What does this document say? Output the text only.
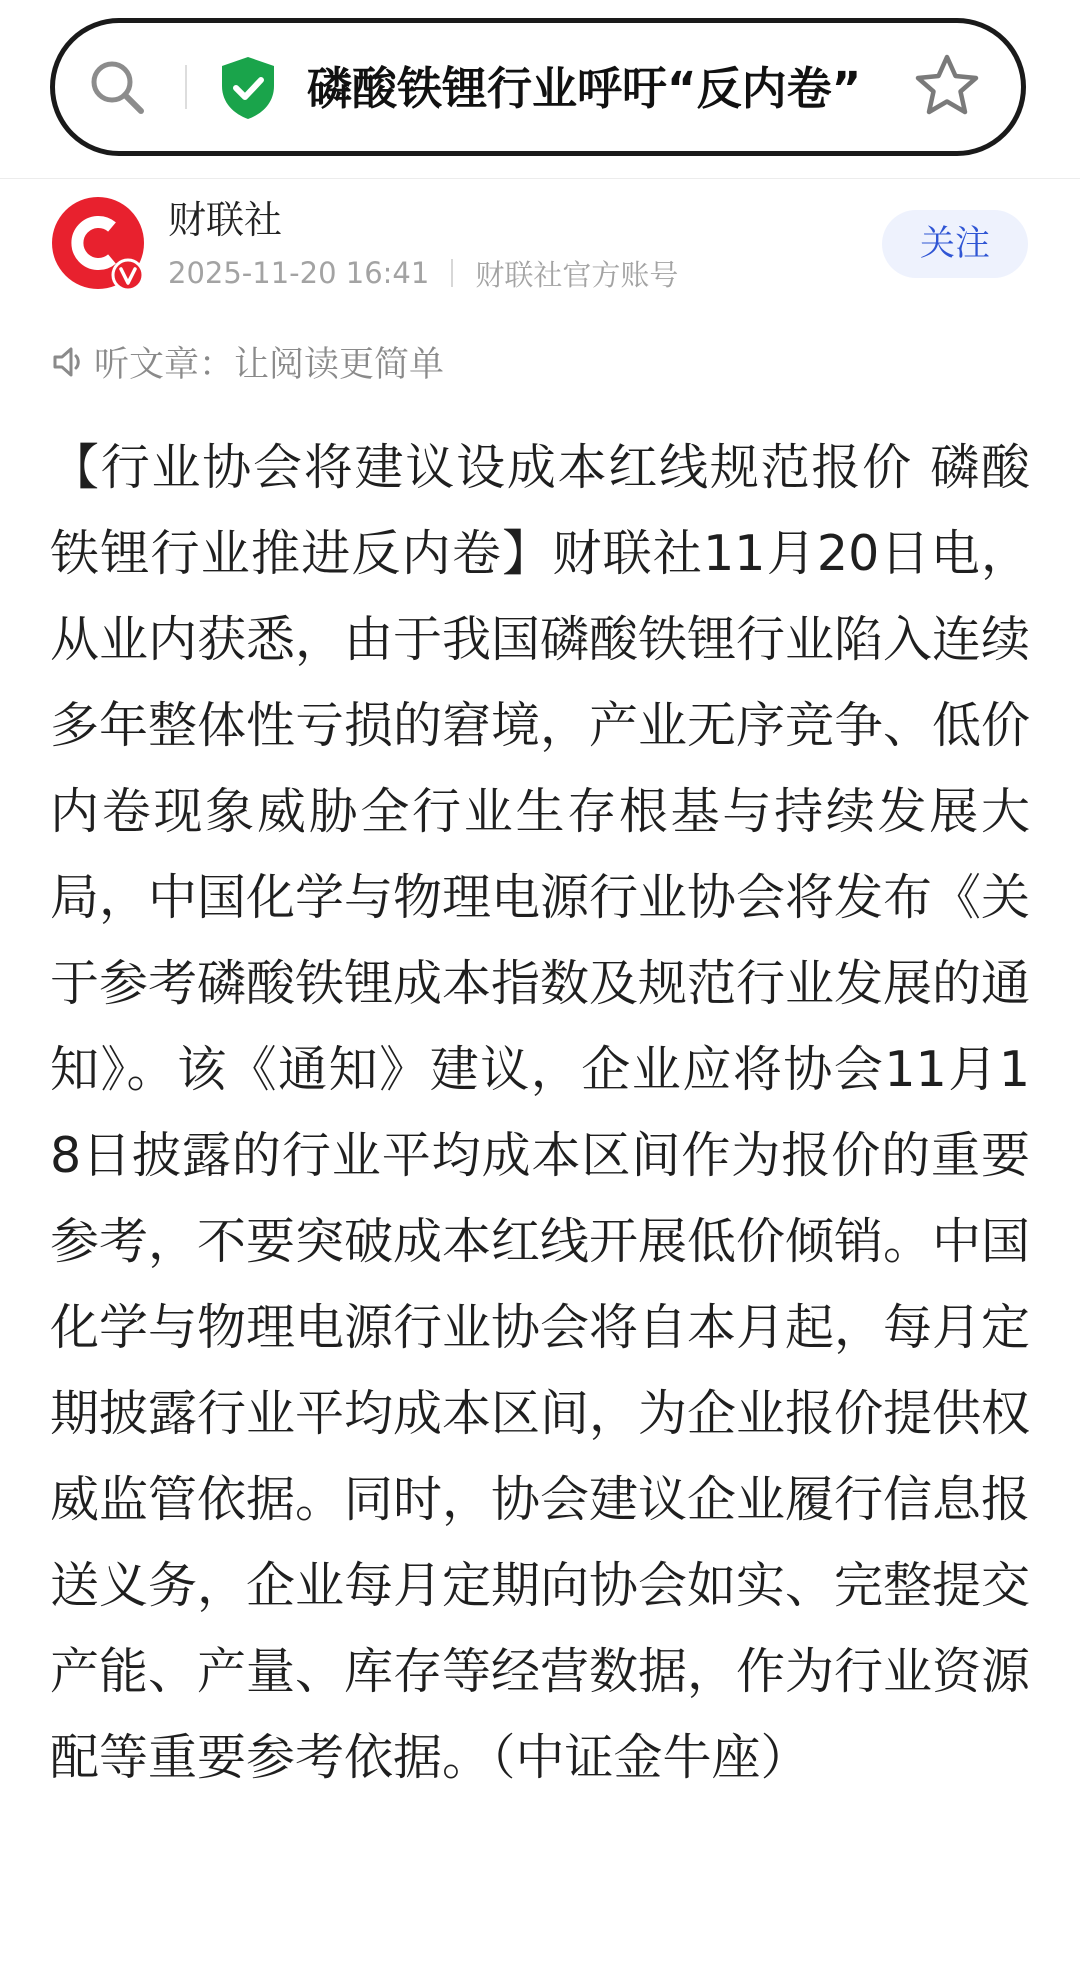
磷酸铁锂行业呼吁“反内卷”
财联社
2025-11-20 16:41 财联社官方账号
关注
听文章：让阅读更简单

【行业协会将建议设成本红线规范报价 磷酸铁锂行业推进反内卷】财联社11月20日电，从业内获悉，由于我国磷酸铁锂行业陷入连续多年整体性亏损的窘境，产业无序竞争、低价内卷现象威胁全行业生存根基与持续发展大局，中国化学与物理电源行业协会将发布《关于参考磷酸铁锂成本指数及规范行业发展的通知》。该《通知》建议，企业应将协会11月18日披露的行业平均成本区间作为报价的重要参考，不要突破成本红线开展低价倾销。中国化学与物理电源行业协会将自本月起，每月定期披露行业平均成本区间，为企业报价提供权威监管依据。同时，协会建议企业履行信息报送义务，企业每月定期向协会如实、完整提交产能、产量、库存等经营数据，作为行业资源配等重要参考依据。（中证金牛座）
